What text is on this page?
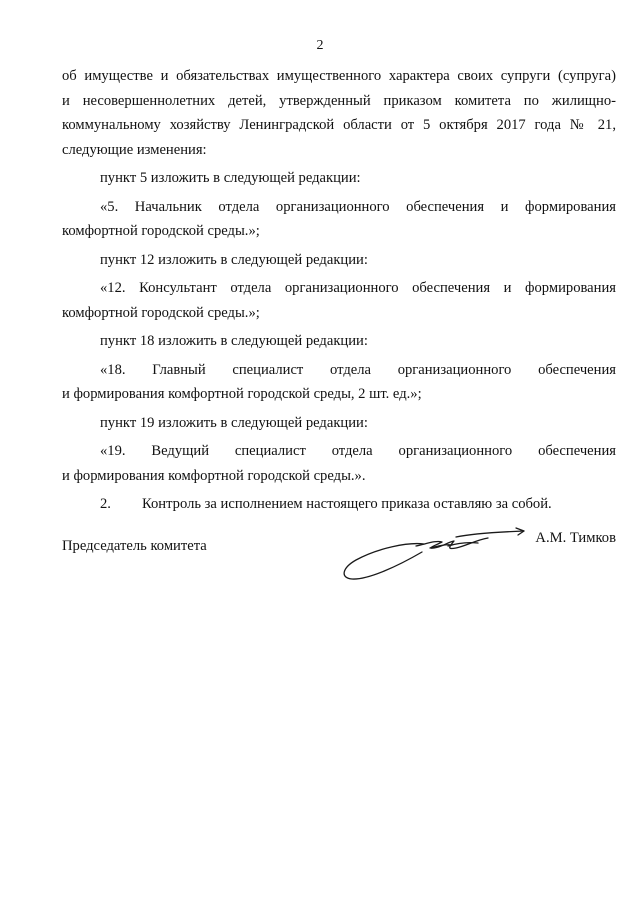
2

об имуществе и обязательствах имущественного характера своих супруги (супруга)
и несовершеннолетних детей, утвержденный приказом комитета по жилищно-
коммунальному хозяйству Ленинградской области от 5 октября 2017 года № 21,
следующие изменения:

пункт 5 изложить в следующей редакции:

«5. Начальник отдела организационного обеспечения и формирования
комфортной городской среды.»;

пункт 12 изложить в следующей редакции:

«12. Консультант отдела организационного обеспечения и формирования
комфортной городской среды.»;

пункт 18 изложить в следующей редакции:

«18. Главный специалист отдела организационного обеспечения
и формирования комфортной городской среды, 2 шт. ед.»;

пункт 19 изложить в следующей редакции:

«19. Ведущий специалист отдела организационного обеспечения
и формирования комфортной городской среды.».

2.	Контроль за исполнением настоящего приказа оставляю за собой.
Председатель комитета	А.М. Тимков
